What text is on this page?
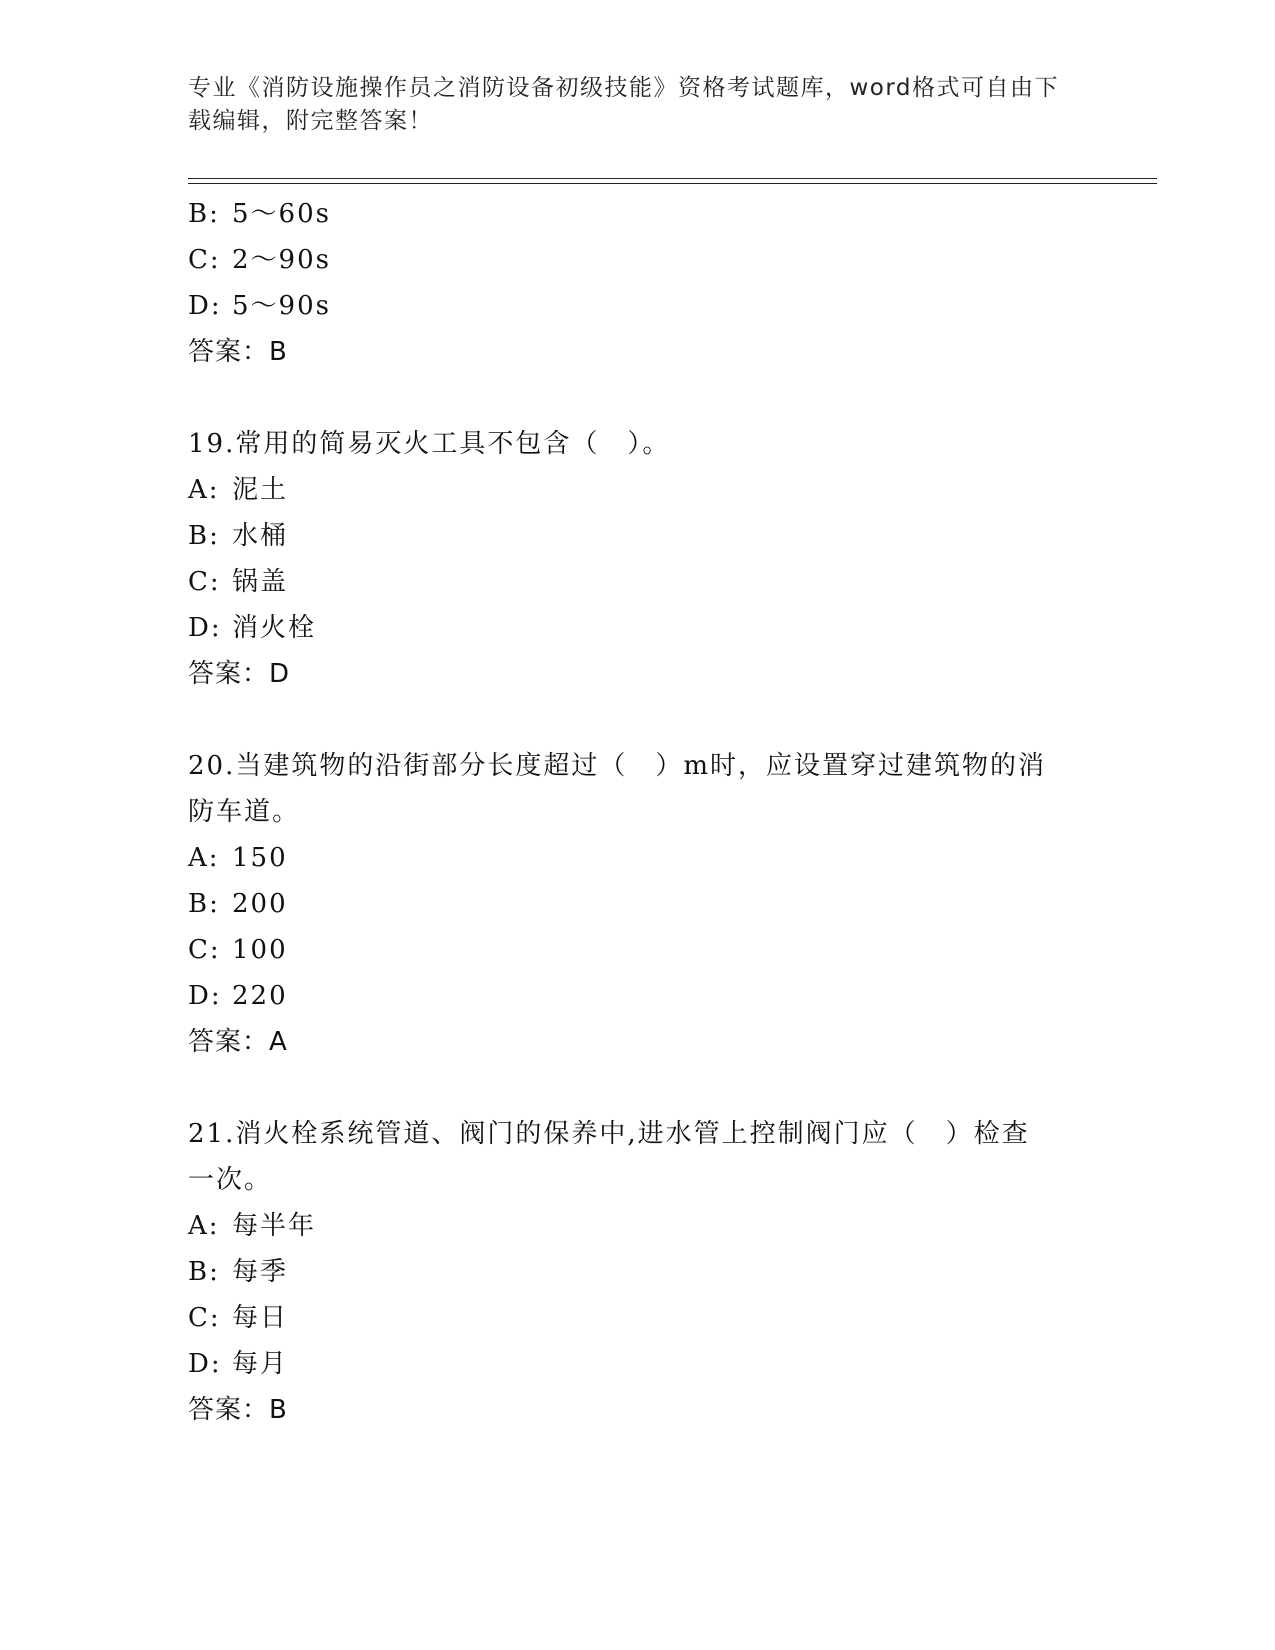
专业《消防设施操作员之消防设备初级技能》资格考试题库，word格式可自由下
载编辑，附完整答案！
B: 5～60s
C: 2～90s
D: 5～90s
答案：B
19.常用的简易灭火工具不包含（　）。
A: 泥土
B: 水桶
C: 锅盖
D: 消火栓
答案：D
20.当建筑物的沿街部分长度超过（　）m时，应设置穿过建筑物的消
防车道。
A: 150
B: 200
C: 100
D: 220
答案：A
21.消火栓系统管道、阀门的保养中,进水管上控制阀门应（　）检查
一次。
A: 每半年
B: 每季
C: 每日
D: 每月
答案：B
